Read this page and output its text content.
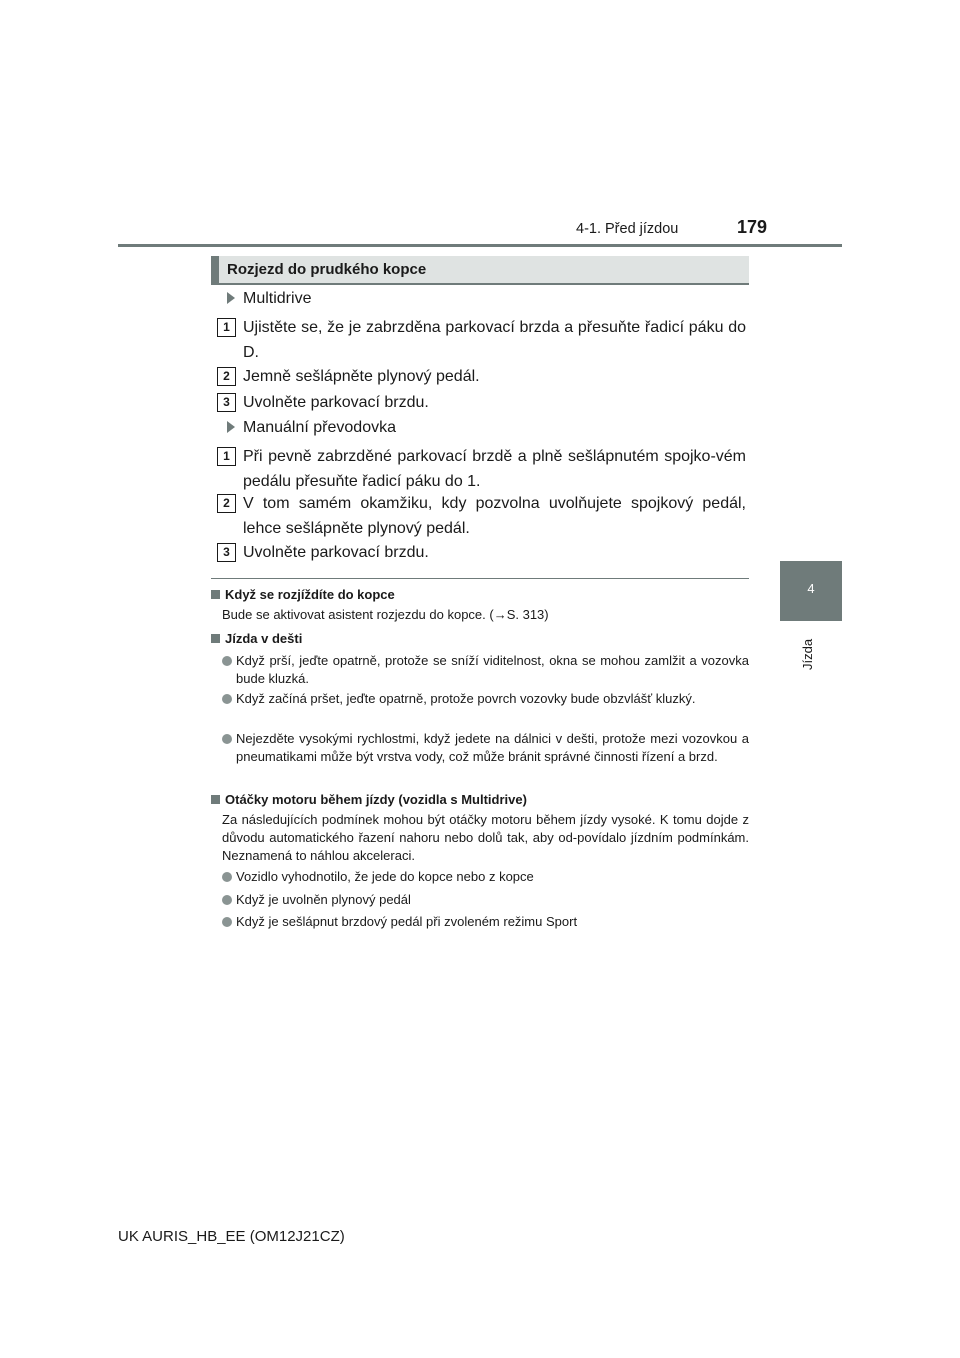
4-1. Před jízdou	179
4
Jízda
Rozjezd do prudkého kopce
Multidrive
1 Ujistěte se, že je zabrzděna parkovací brzda a přesuňte řadicí páku do D.
2 Jemně sešlápněte plynový pedál.
3 Uvolněte parkovací brzdu.
Manuální převodovka
1 Při pevně zabrzděné parkovací brzdě a plně sešlápnutém spojko-vém pedálu přesuňte řadicí páku do 1.
2 V tom samém okamžiku, kdy pozvolna uvolňujete spojkový pedál, lehce sešlápněte plynový pedál.
3 Uvolněte parkovací brzdu.
Když se rozjíždíte do kopce
Bude se aktivovat asistent rozjezdu do kopce. (→S. 313)
Jízda v dešti
Když prší, jeďte opatrně, protože se sníží viditelnost, okna se mohou zamlžit a vozovka bude kluzká.
Když začíná pršet, jeďte opatrně, protože povrch vozovky bude obzvlášť kluzký.
Nejezděte vysokými rychlostmi, když jedete na dálnici v dešti, protože mezi vozovkou a pneumatikami může být vrstva vody, což může bránit správné činnosti řízení a brzd.
Otáčky motoru během jízdy (vozidla s Multidrive)
Za následujících podmínek mohou být otáčky motoru během jízdy vysoké. K tomu dojde z důvodu automatického řazení nahoru nebo dolů tak, aby od-povídalo jízdním podmínkám. Neznamená to náhlou akceleraci.
Vozidlo vyhodnotilo, že jede do kopce nebo z kopce
Když je uvolněn plynový pedál
Když je sešlápnut brzdový pedál při zvoleném režimu Sport
UK AURIS_HB_EE (OM12J21CZ)
